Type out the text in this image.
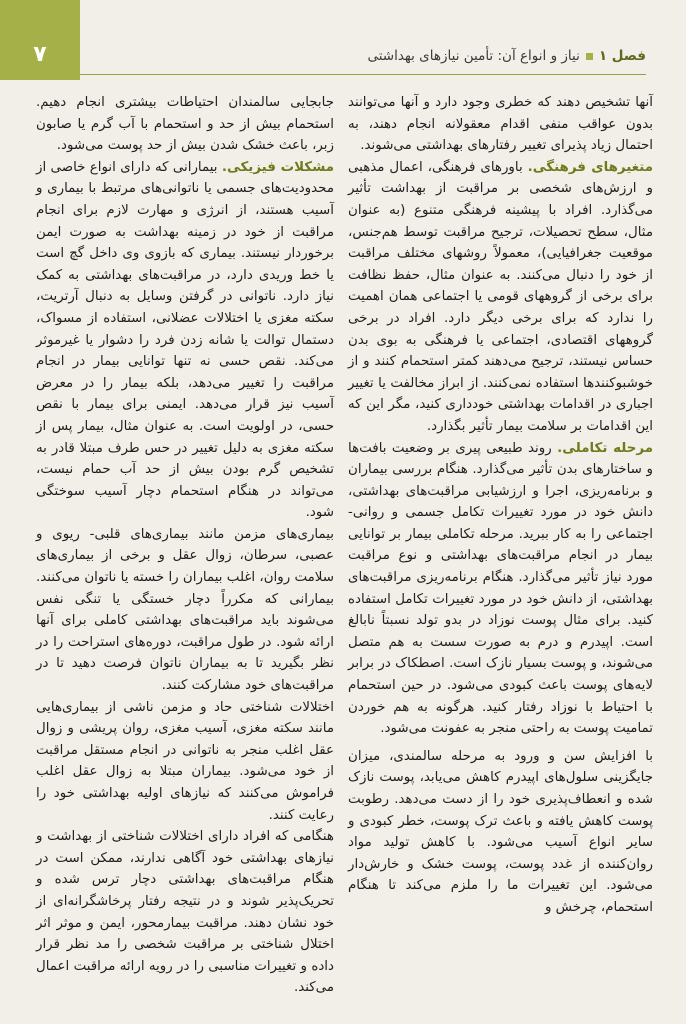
۷	فصل ۱نیاز و انواع آن: تأمین نیازهای بهداشتی

آنها تشخیص دهند که خطری وجود دارد و آنها می‌توانند بدون عواقب منفی اقدام معقولانه انجام دهند، به احتمال زیاد پذیرای تغییر رفتارهای بهداشتی می‌شوند.

متغیرهای فرهنگی. باورهای فرهنگی، اعمال مذهبی و ارزش‌های شخصی بر مراقبت از بهداشت تأثیر می‌گذارد. افراد با پیشینه فرهنگی متنوع (به عنوان مثال، سطح تحصیلات، ترجیح مراقبت توسط هم‌جنس، موقعیت جغرافیایی)، معمولاً روشهای مختلف مراقبت از خود را دنبال می‌کنند. به عنوان مثال، حفظ نظافت برای برخی از گروههای قومی یا اجتماعی همان اهمیت را ندارد که برای برخی دیگر دارد. افراد در برخی گروههای اقتصادی، اجتماعی یا فرهنگی به بوی بدن حساس نیستند، ترجیح می‌دهند کمتر استحمام کنند و از خوشبوکنندها استفاده نمی‌کنند. از ابراز مخالفت یا تغییر اجباری در اقدامات بهداشتی خودداری کنید، مگر این که این اقدامات بر سلامت بیمار تأثیر بگذارد.

مرحله تکاملی. روند طبیعی پیری بر وضعیت بافت‌ها و ساختارهای بدن تأثیر می‌گذارد. هنگام بررسی بیماران و برنامه‌ریزی، اجرا و ارزشیابی مراقبت‌های بهداشتی، دانش خود در مورد تغییرات تکامل جسمی و روانی-اجتماعی را به کار ببرید. مرحله تکاملی بیمار بر توانایی بیمار در انجام مراقبت‌های بهداشتی و نوع مراقبت مورد نیاز تأثیر می‌گذارد. هنگام برنامه‌ریزی مراقبت‌های بهداشتی، از دانش خود در مورد تغییرات تکامل استفاده کنید. برای مثال پوست نوزاد در بدو تولد نسبتاً نابالغ است. اپیدرم و درم به صورت سست به هم متصل می‌شوند، و پوست بسیار نازک است. اصطکاک در برابر لایه‌های پوست باعث کبودی می‌شود. در حین استحمام با احتیاط با نوزاد رفتار کنید. هرگونه به هم خوردن تمامیت پوست به راحتی منجر به عفونت می‌شود.

با افزایش سن و ورود به مرحله سالمندی، میزان جایگزینی سلول‌های اپیدرم کاهش می‌یابد، پوست نازک شده و انعطاف‌پذیری خود را از دست می‌دهد. رطوبت پوست کاهش یافته و باعث ترک پوست، خطر کبودی و سایر انواع آسیب می‌شود. با کاهش تولید مواد روان‌کننده از غدد پوست، پوست خشک و خارش‌دار می‌شود. این تغییرات ما را ملزم می‌کند تا هنگام استحمام، چرخش و

جابجایی سالمندان احتیاطات بیشتری انجام دهیم. استحمام بیش از حد و استحمام با آب گرم یا صابون زبر، باعث خشک شدن بیش از حد پوست می‌شود.

مشکلات فیزیکی. بیمارانی که دارای انواع خاصی از محدودیت‌های جسمی یا ناتوانی‌های مرتبط با بیماری و آسیب هستند، از انرژی و مهارت لازم برای انجام مراقبت از خود در زمینه بهداشت به صورت ایمن برخوردار نیستند. بیماری که بازوی وی داخل گچ است یا خط وریدی دارد، در مراقبت‌های بهداشتی به کمک نیاز دارد. ناتوانی در گرفتن وسایل به دنبال آرتریت، سکته مغزی یا اختلالات عضلانی، استفاده از مسواک، دستمال توالت یا شانه زدن فرد را دشوار یا غیرموثر می‌کند. نقص حسی نه تنها توانایی بیمار در انجام مراقبت را تغییر می‌دهد، بلکه بیمار را در معرض آسیب نیز قرار می‌دهد. ایمنی برای بیمار با نقص حسی، در اولویت است. به عنوان مثال، بیمار پس از سکته مغزی به دلیل تغییر در حس طرف مبتلا قادر به تشخیص گرم بودن بیش از حد آب حمام نیست، می‌تواند در هنگام استحمام دچار آسیب سوختگی شود.

بیماری‌های مزمن مانند بیماری‌های قلبی- ریوی و عصبی، سرطان، زوال عقل و برخی از بیماری‌های سلامت روان، اغلب بیماران را خسته یا ناتوان می‌کنند. بیمارانی که مکرراً دچار خستگی یا تنگی نفس می‌شوند باید مراقبت‌های بهداشتی کاملی برای آنها ارائه شود. در طول مراقبت، دوره‌های استراحت را در نظر بگیرید تا به بیماران ناتوان فرصت دهید تا در مراقبت‌های خود مشارکت کنند.

اختلالات شناختی حاد و مزمن ناشی از بیماری‌هایی مانند سکته مغزی، آسیب مغزی، روان پریشی و زوال عقل اغلب منجر به ناتوانی در انجام مستقل مراقبت از خود می‌شود. بیماران مبتلا به زوال عقل اغلب فراموش می‌کنند که نیازهای اولیه بهداشتی خود را رعایت کنند.

هنگامی که افراد دارای اختلالات شناختی از بهداشت و نیازهای بهداشتی خود آگاهی ندارند، ممکن است در هنگام مراقبت‌های بهداشتی دچار ترس شده و تحریک‌پذیر شوند و در نتیجه رفتار پرخاشگرانه‌ای از خود نشان دهند. مراقبت بیمارمحور، ایمن و موثر اثر اختلال شناختی بر مراقبت شخصی را مد نظر قرار داده و تغییرات مناسبی را در رویه ارائه مراقبت اعمال می‌کند.
